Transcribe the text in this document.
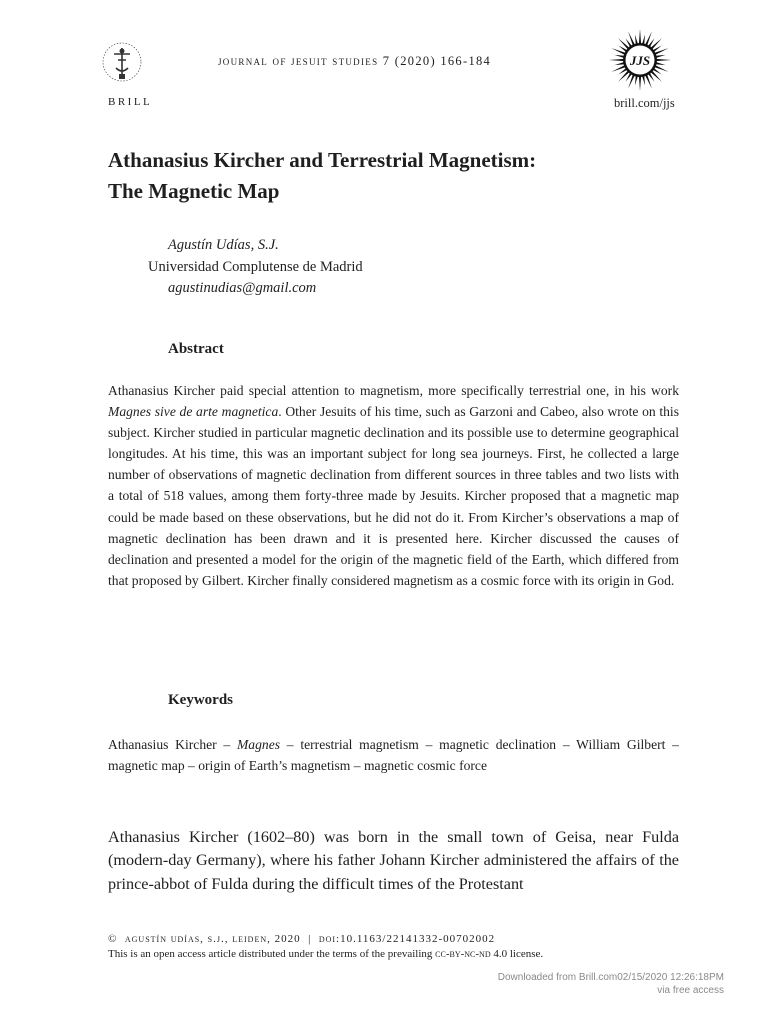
BRILL
journal of jesuit studies 7 (2020) 166-184	JJS
brill.com/jjs
Athanasius Kircher and Terrestrial Magnetism:
The Magnetic Map
Agustín Udías, S.J.
Universidad Complutense de Madrid
agustinudias@gmail.com
Abstract
Athanasius Kircher paid special attention to magnetism, more specifically terrestrial one, in his work Magnes sive de arte magnetica. Other Jesuits of his time, such as Garzoni and Cabeo, also wrote on this subject. Kircher studied in particular magnetic declination and its possible use to determine geographical longitudes. At his time, this was an important subject for long sea journeys. First, he collected a large number of observations of magnetic declination from different sources in three tables and two lists with a total of 518 values, among them forty-three made by Jesuits. Kircher proposed that a magnetic map could be made based on these observations, but he did not do it. From Kircher’s observations a map of magnetic declination has been drawn and it is presented here. Kircher discussed the causes of declination and presented a model for the origin of the magnetic field of the Earth, which differed from that proposed by Gilbert. Kircher finally considered magnetism as a cosmic force with its origin in God.
Keywords
Athanasius Kircher – Magnes – terrestrial magnetism – magnetic declination – William Gilbert – magnetic map – origin of Earth’s magnetism – magnetic cosmic force
Athanasius Kircher (1602–80) was born in the small town of Geisa, near Fulda (modern-day Germany), where his father Johann Kircher administered the affairs of the prince-abbot of Fulda during the difficult times of the Protestant
© agustín udías, s.j., leiden, 2020 | doi:10.1163/22141332-00702002
This is an open access article distributed under the terms of the prevailing cc-by-nc-nd 4.0 license.
Downloaded from Brill.com02/15/2020 12:26:18PM
via free access
